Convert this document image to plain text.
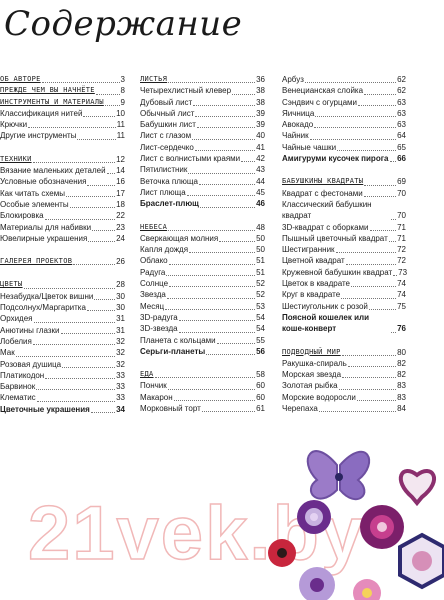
Содержание
ОБ АВТОРЕ	3
ПРЕЖДЕ ЧЕМ ВЫ НАЧНЁТЕ	8
ИНСТРУМЕНТЫ И МАТЕРИАЛЫ 9
Классификация нитей	10
Крючки	11
Другие инструменты	11
ТЕХНИКИ	12
Вязание маленьких деталей 14
Условные обозначения	16
Как читать схемы	17
Особые элементы	18
Блокировка	22
Материалы для набивки	23
Ювелирные украшения	24
ГАЛЕРЕЯ ПРОЕКТОВ	26
ЦВЕТЫ	28
Незабудка/Цветок вишни	30
Подсолнух/Маргаритка	30
Орхидея	31
Анютины глазки	31
Лобелия	32
Мак	32
Розовая душица	32
Платикодон	33
Барвинок	33
Клематис	33
Цветочные украшения	34
ЛИСТЬЯ	36
Четырехлистный клевер	38
Дубовый лист	38
Обычный лист	39
Бабушкин лист	39
Лист с глазом	40
Лист-сердечко	41
Лист с волнистыми краями 42
Пятилистник	43
Веточка плюща	44
Лист плюща	45
Браслет-плющ	46
НЕБЕСА	48
Сверкающая молния	50
Капля дождя	50
Облако	51
Радуга	51
Солнце	52
Звезда	52
Месяц	53
3D-радуга	54
3D-звезда	54
Планета с кольцами	55
Серьги-планеты	56
ЕДА	58
Пончик	60
Макарон	60
Морковный торт	61
Арбуз	62
Венецианская слойка	62
Сэндвич с огурцами	63
Яичница	63
Авокадо	63
Чайник	64
Чайные чашки	65
Амигуруми кусочек пирога 66
БАБУШКИНЫ КВАДРАТЫ	69
Квадрат с фестонами	70
Классический бабушкин квадрат	70
3D-квадрат с оборками	71
Пышный цветочный квадрат 71
Шестигранник	72
Цветной квадрат	72
Кружевной бабушкин квадрат 73
Цветок в квадрате	74
Круг в квадрате	74
Шестиугольник с розой	75
Поясной кошелек или коше-конверт	76
ПОДВОДНЫЙ МИР	80
Ракушка-спираль	82
Морская звезда	82
Золотая рыбка	83
Морские водоросли	83
Черепаха	84
21vek.by
